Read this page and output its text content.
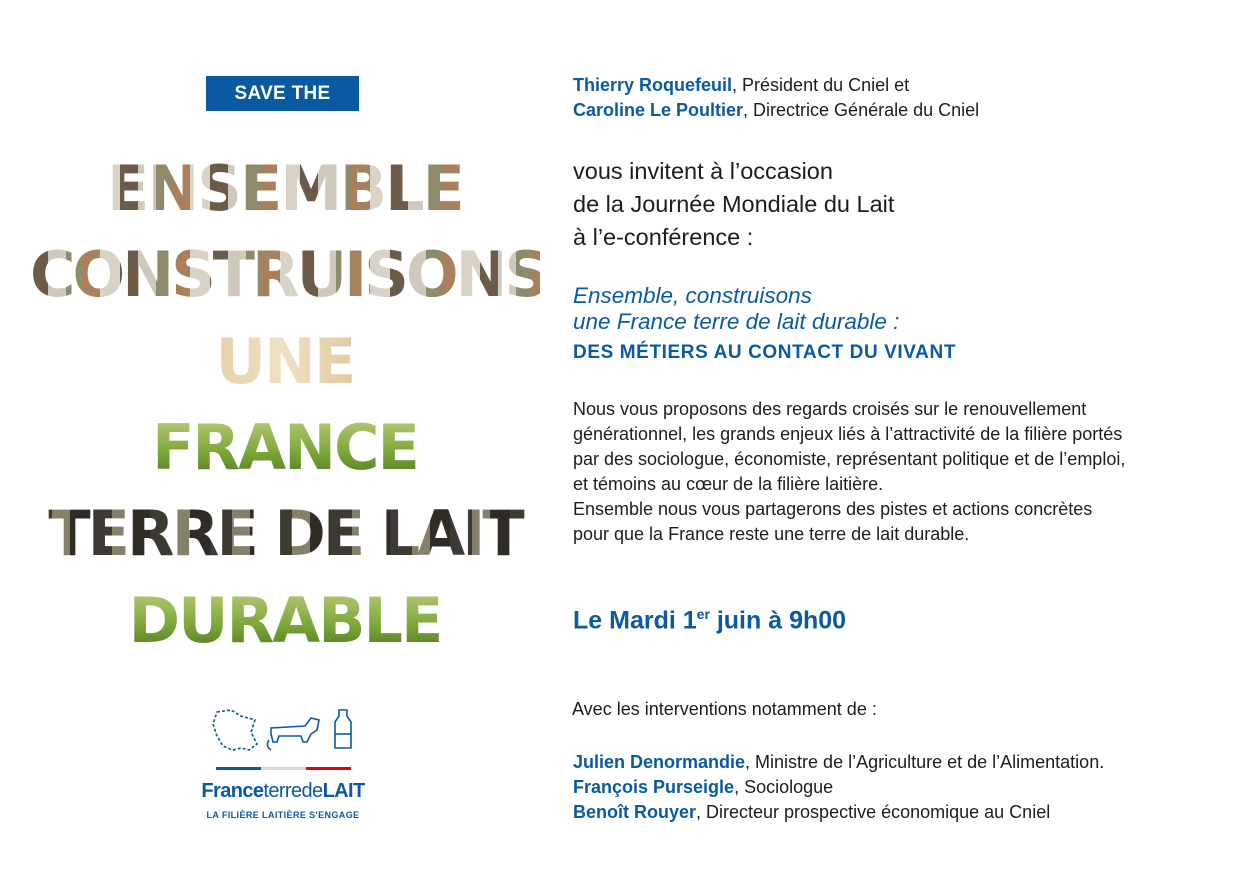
SAVE THE DATE
ENSEMBLE
CONSTRUISONS
UNE
FRANCE
TERRE DE LAIT
DURABLE
FranceterredeLAIT
LA FILIÈRE LAITIÈRE S'ENGAGE
Thierry Roquefeuil, Président du Cniel et
Caroline Le Poultier, Directrice Générale du Cniel
vous invitent à l’occasion
de la Journée Mondiale du Lait
à l’e-conférence :
Ensemble, construisons
une France terre de lait durable :
DES MÉTIERS AU CONTACT DU VIVANT
Nous vous proposons des regards croisés sur le renouvellement
générationnel, les grands enjeux liés à l’attractivité de la filière portés
par des sociologue, économiste, représentant politique et de l’emploi,
et témoins au cœur de la filière laitière.
Ensemble nous vous partagerons des pistes et actions concrètes
pour que la France reste une terre de lait durable.
Le Mardi 1er juin à 9h00
Avec les interventions notamment de :
Julien Denormandie, Ministre de l’Agriculture et de l’Alimentation.
François Purseigle, Sociologue
Benoît Rouyer, Directeur prospective économique au Cniel
